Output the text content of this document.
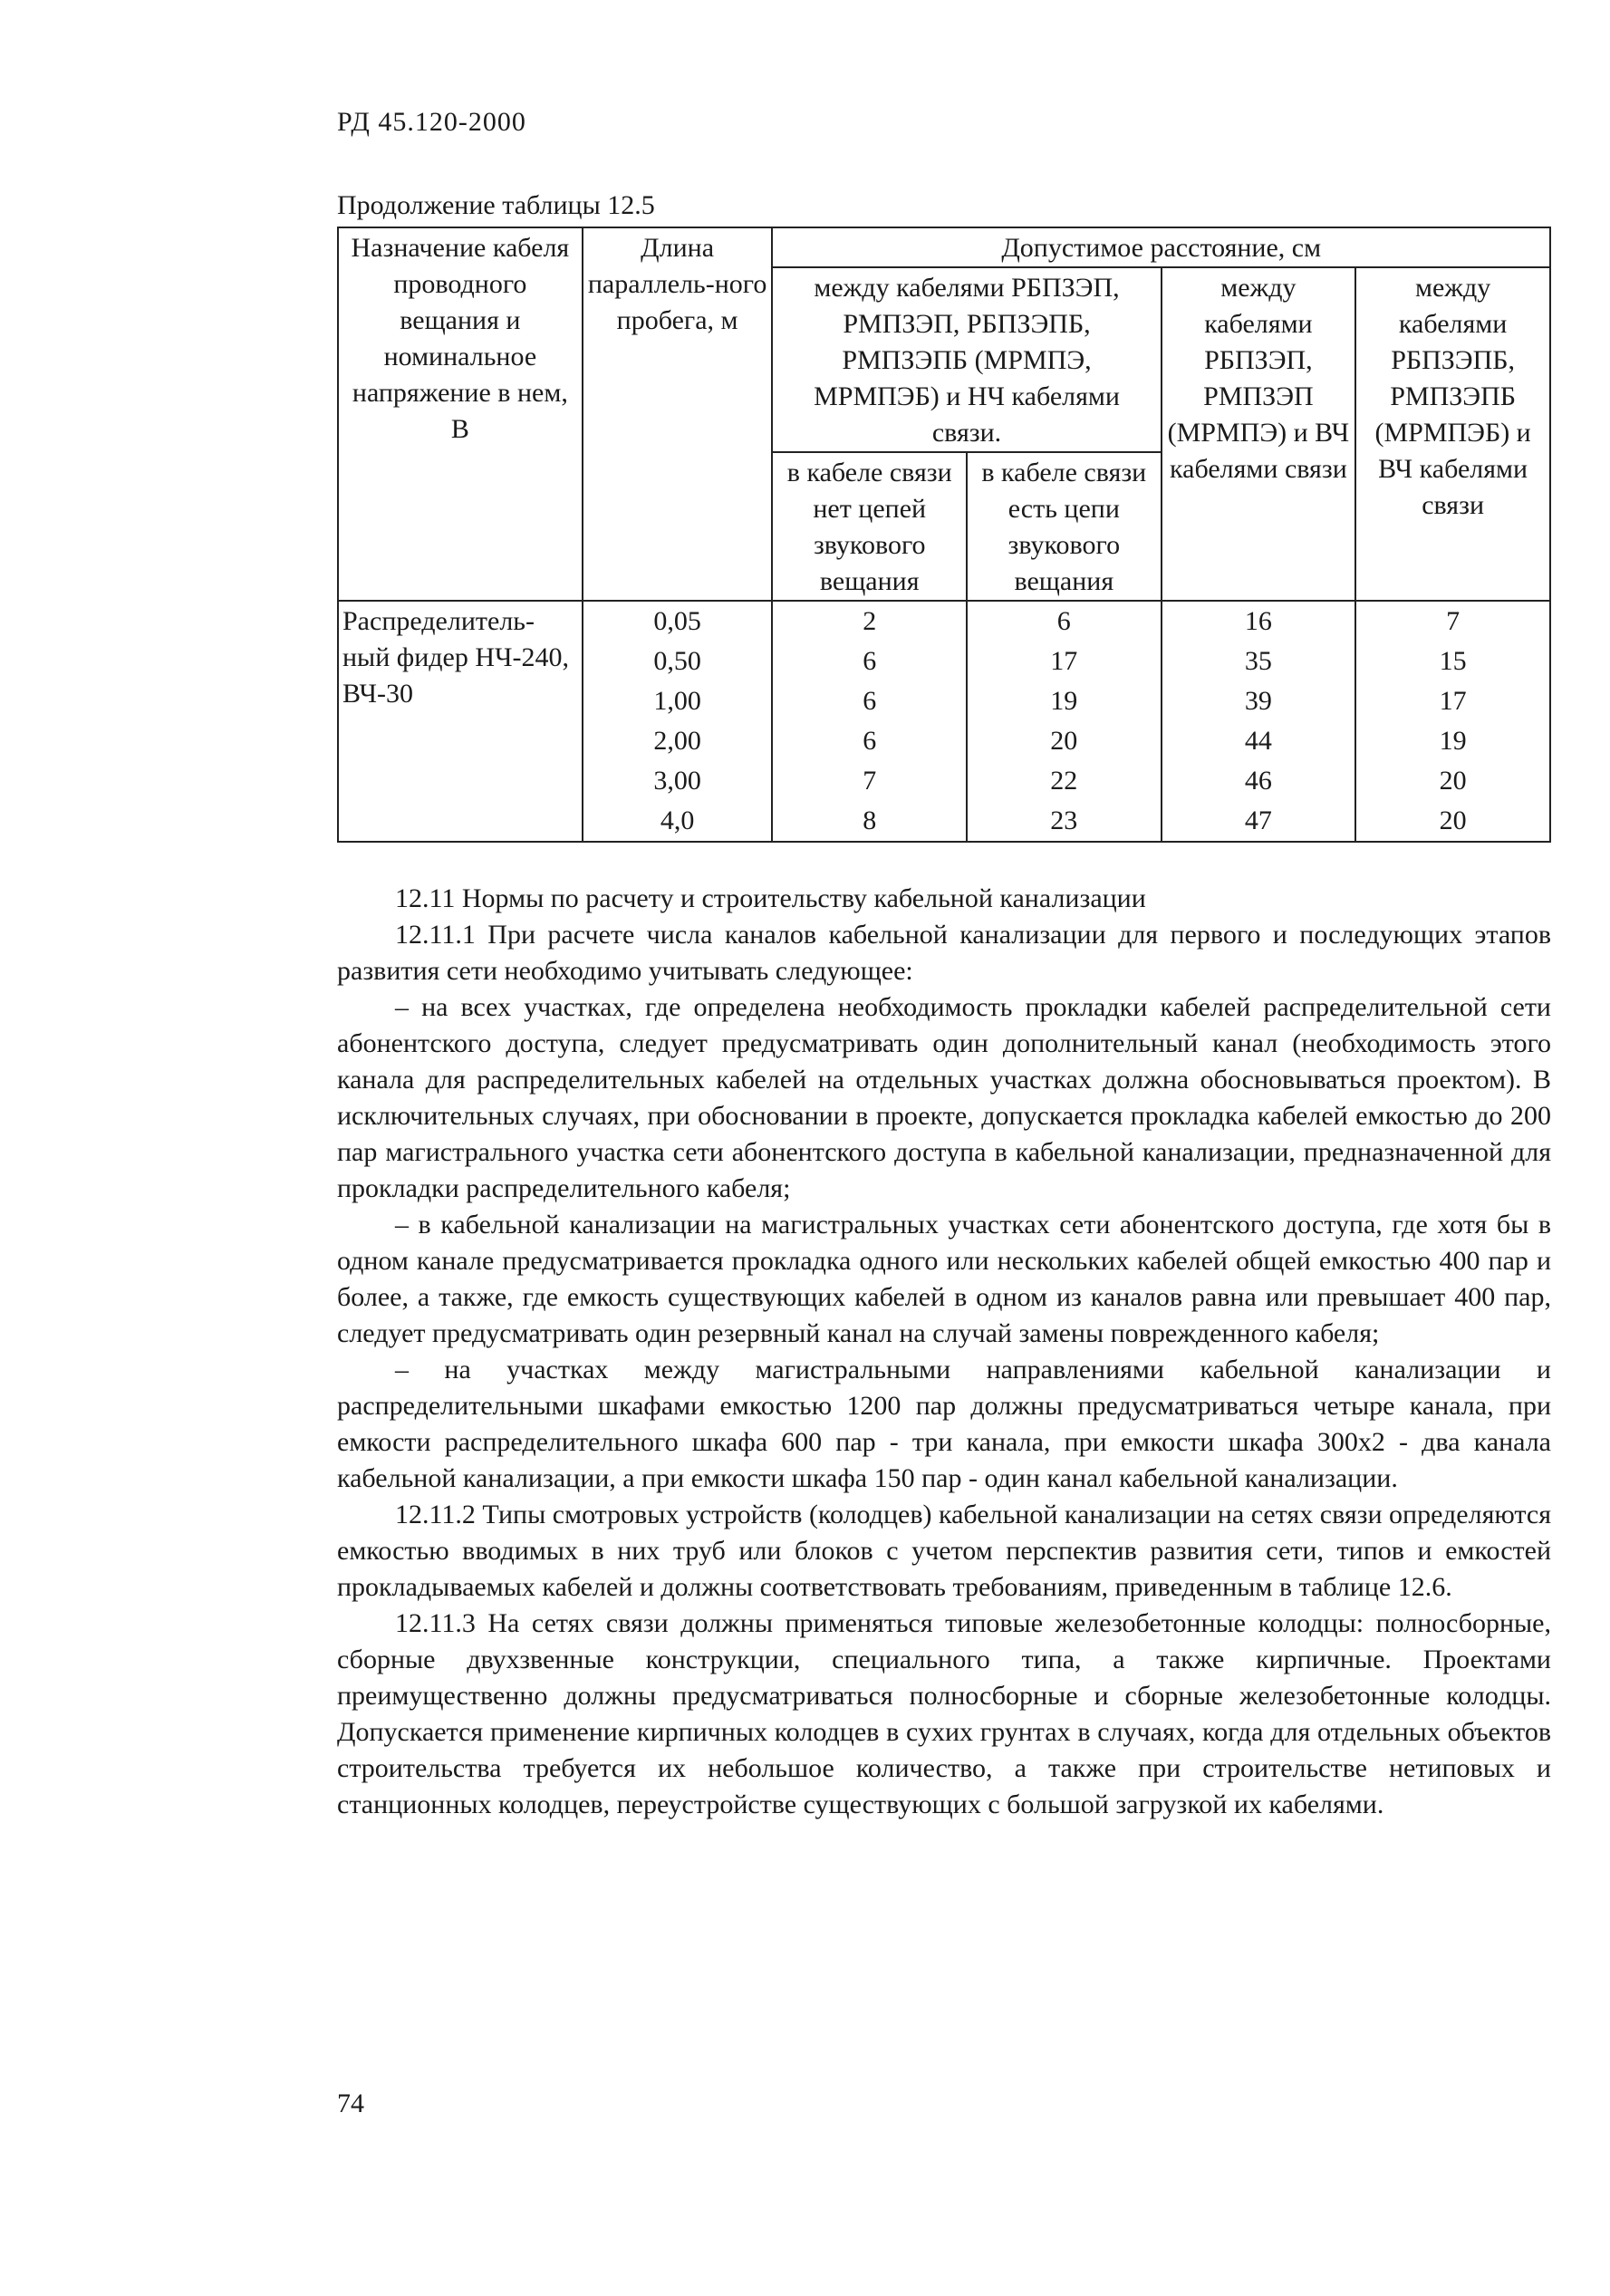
РД 45.120-2000
Продолжение таблицы 12.5
Назначение кабеля проводного вещания и номинальное напряжение в нем, В	Длина параллель-ного пробега, м	Допустимое расстояние, см			
		между кабелями РБПЗЭП, РМПЗЭП, РБПЗЭПБ, РМПЗЭПБ (МРМПЭ, МРМПЭБ) и НЧ кабелями связи.		между кабелями РБПЗЭП, РМПЗЭП (МРМПЭ) и ВЧ кабелями связи	между кабелями РБПЗЭПБ, РМПЗЭПБ (МРМПЭБ) и ВЧ кабелями связи
		в кабеле связи нет цепей звукового вещания	в кабеле связи есть цепи звукового вещания		
Распределитель-ный фидер НЧ-240, ВЧ-30	0,05	2	6	16	7
	0,50	6	17	35	15
	1,00	6	19	39	17
	2,00	6	20	44	19
	3,00	7	22	46	20
	4,0	8	23	47	20

12.11 Нормы по расчету и строительству кабельной канализации

12.11.1 При расчете числа каналов кабельной канализации для первого и последующих этапов развития сети необходимо учитывать следующее:

– на всех участках, где определена необходимость прокладки кабелей распределительной сети абонентского доступа, следует предусматривать один дополнительный канал (необходимость этого канала для распределительных кабелей на отдельных участках должна обосновываться проектом). В исключительных случаях, при обосновании в проекте, допускается прокладка кабелей емкостью до 200 пар магистрального участка сети абонентского доступа в кабельной канализации, предназначенной для прокладки распределительного кабеля;

– в кабельной канализации на магистральных участках сети абонентского доступа, где хотя бы в одном канале предусматривается прокладка одного или нескольких кабелей общей емкостью 400 пар и более, а также, где емкость существующих кабелей в одном из каналов равна или превышает 400 пар, следует предусматривать один резервный канал на случай замены поврежденного кабеля;

– на участках между магистральными направлениями кабельной канализации и распределительными шкафами емкостью 1200 пар должны предусматриваться четыре канала, при емкости распределительного шкафа 600 пар - три канала, при емкости шкафа 300х2 - два канала кабельной канализации, а при емкости шкафа 150 пар - один канал кабельной канализации.

12.11.2 Типы смотровых устройств (колодцев) кабельной канализации на сетях связи определяются емкостью вводимых в них труб или блоков с учетом перспектив развития сети, типов и емкостей прокладываемых кабелей и должны соответствовать требованиям, приведенным в таблице 12.6.

12.11.3 На сетях связи должны применяться типовые железобетонные колодцы: полносборные, сборные двухзвенные конструкции, специального типа, а также кирпичные. Проектами преимущественно должны предусматриваться полносборные и сборные железобетонные колодцы. Допускается применение кирпичных колодцев в сухих грунтах в случаях, когда для отдельных объектов строительства требуется их небольшое количество, а также при строительстве нетиповых и станционных колодцев, переустройстве существующих с большой загрузкой их кабелями.

74
